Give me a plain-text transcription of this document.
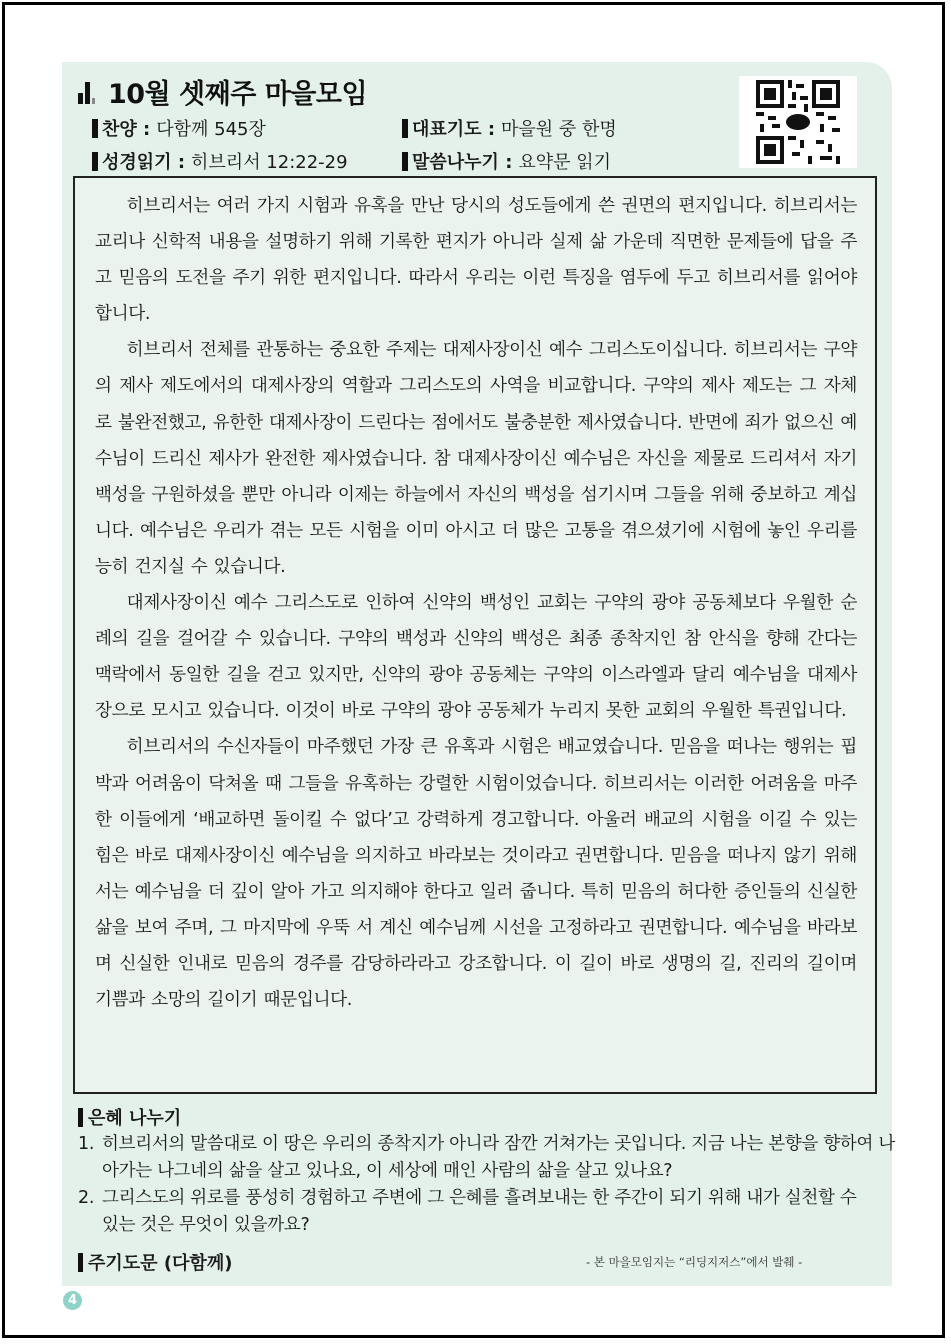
10월 셋째주 마을모임
찬양 : 다함께 545장	대표기도 : 마을원 중 한명
성경읽기 : 히브리서 12:22-29	말씀나누기 : 요약문 읽기

히브리서는 여러 가지 시험과 유혹을 만난 당시의 성도들에게 쓴 권면의 편지입니다. 히브리서는 교리나 신학적 내용을 설명하기 위해 기록한 편지가 아니라 실제 삶 가운데 직면한 문제들에 답을 주고 믿음의 도전을 주기 위한 편지입니다. 따라서 우리는 이런 특징을 염두에 두고 히브리서를 읽어야 합니다.

히브리서 전체를 관통하는 중요한 주제는 대제사장이신 예수 그리스도이십니다. 히브리서는 구약의 제사 제도에서의 대제사장의 역할과 그리스도의 사역을 비교합니다. 구약의 제사 제도는 그 자체로 불완전했고, 유한한 대제사장이 드린다는 점에서도 불충분한 제사였습니다. 반면에 죄가 없으신 예수님이 드리신 제사가 완전한 제사였습니다. 참 대제사장이신 예수님은 자신을 제물로 드리셔서 자기 백성을 구원하셨을 뿐만 아니라 이제는 하늘에서 자신의 백성을 섬기시며 그들을 위해 중보하고 계십니다. 예수님은 우리가 겪는 모든 시험을 이미 아시고 더 많은 고통을 겪으셨기에 시험에 놓인 우리를 능히 건지실 수 있습니다.

대제사장이신 예수 그리스도로 인하여 신약의 백성인 교회는 구약의 광야 공동체보다 우월한 순례의 길을 걸어갈 수 있습니다. 구약의 백성과 신약의 백성은 최종 종착지인 참 안식을 향해 간다는 맥락에서 동일한 길을 걷고 있지만, 신약의 광야 공동체는 구약의 이스라엘과 달리 예수님을 대제사장으로 모시고 있습니다. 이것이 바로 구약의 광야 공동체가 누리지 못한 교회의 우월한 특권입니다.

히브리서의 수신자들이 마주했던 가장 큰 유혹과 시험은 배교였습니다. 믿음을 떠나는 행위는 핍박과 어려움이 닥쳐올 때 그들을 유혹하는 강렬한 시험이었습니다. 히브리서는 이러한 어려움을 마주한 이들에게 ‘배교하면 돌이킬 수 없다’고 강력하게 경고합니다. 아울러 배교의 시험을 이길 수 있는 힘은 바로 대제사장이신 예수님을 의지하고 바라보는 것이라고 권면합니다. 믿음을 떠나지 않기 위해서는 예수님을 더 깊이 알아 가고 의지해야 한다고 일러 줍니다. 특히 믿음의 허다한 증인들의 신실한 삶을 보여 주며, 그 마지막에 우뚝 서 계신 예수님께 시선을 고정하라고 권면합니다. 예수님을 바라보며 신실한 인내로 믿음의 경주를 감당하라라고 강조합니다. 이 길이 바로 생명의 길, 진리의 길이며 기쁨과 소망의 길이기 때문입니다.

은혜 나누기
1. 히브리서의 말씀대로 이 땅은 우리의 종착지가 아니라 잠깐 거쳐가는 곳입니다. 지금 나는 본향을 향하여 나아가는 나그네의 삶을 살고 있나요, 이 세상에 매인 사람의 삶을 살고 있나요?
2. 그리스도의 위로를 풍성히 경험하고 주변에 그 은혜를 흘려보내는 한 주간이 되기 위해 내가 실천할 수 있는 것은 무엇이 있을까요?
주기도문 (다함께)	- 본 마을모임지는 “리딩지저스”에서 발췌 -
4
